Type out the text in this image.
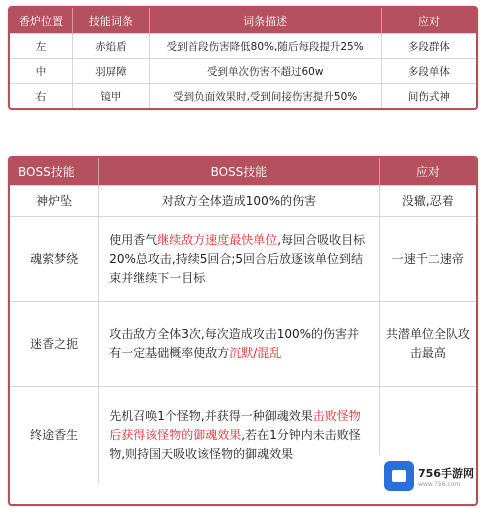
香炉位置	技能词条	词条描述	应对
左	赤焰盾	受到首段伤害降低80%,随后每段提升25%	多段群体
中	羽屏障	受到单次伤害不超过60w	多段单体
右	镜甲	受到负面效果时,受到间接伤害提升50%	间伤式神
BOSS技能	BOSS技能	应对
神炉坠	对敌方全体造成100%的伤害	没辙,忍着
魂萦梦绕	使用香气继续敌方速度最快单位,每回合吸收目标20%总攻击,持续5回合;5回合后放逐该单位到结束并继续下一目标	一速千二速帝
迷香之扼	攻击敌方全体3次,每次造成攻击100%的伤害并有一定基础概率使敌方沉默/混乱	共潜单位全队攻击最高
终途香生	先机召唤1个怪物,并获得一种御魂效果击败怪物后获得该怪物的御魂效果,若在1分钟内未击败怪物,则持国天吸收该怪物的御魂效果	
756手游网
www.756.com
